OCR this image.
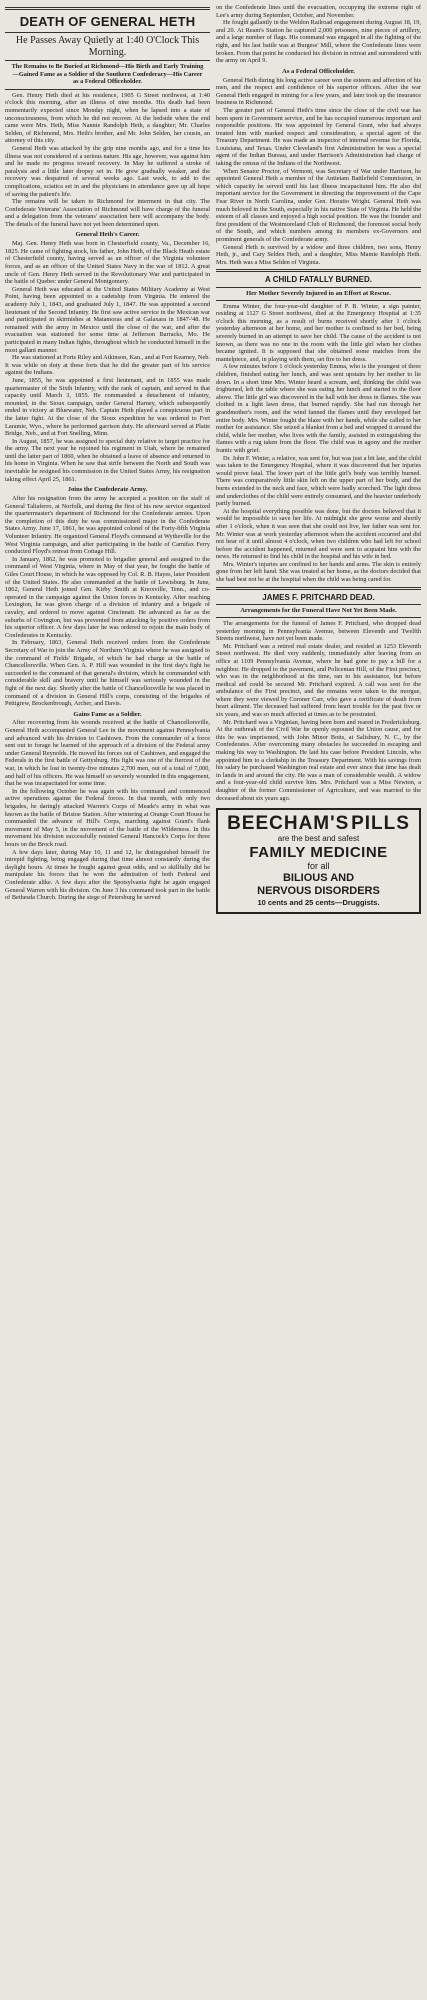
DEATH OF GENERAL HETH
He Passes Away Quietly at 1:40 O'Clock This Morning.
The Remains to Be Buried at Richmond—His Birth and Early Training—Gained Fame as a Soldier of the Southern Confederacy—His Career as a Federal Officeholder.

Gen. Henry Heth died at his residence, 1905 G Street northwest, at 1:40 o'clock this morning, after an illness of nine months. His death had been momentarily expected since Monday night, when he lapsed into a state of unconsciousness, from which he did not recover. At the bedside when the end came were Mrs. Heth, Miss Nannie Randolph Heth, a daughter; Mr. Charles Selden, of Richmond, Mrs. Heth's brother, and Mr. John Selden, her cousin, an attorney of this city.

General Heth was attacked by the grip nine months ago, and for a time his illness was not considered of a serious nature. His age, however, was against him and he made no progress toward recovery. In May he suffered a stroke of paralysis and a little later dropsy set in. He grew gradually weaker, and the recovery was despaired of several weeks ago. Last week, to add to the complications, sciatica set in and the physicians in attendance gave up all hope of saving the patient's life.

The remains will be taken to Richmond for interment in that city. The Confederate Veterans' Association of Richmond will have charge of the funeral and a delegation from the veterans' association here will accompany the body. The details of the funeral have not yet been determined upon.

General Heth's Career.

Maj. Gen. Henry Heth was born in Chesterfield county, Va., December 16, 1825. He came of fighting stock, his father, John Heth, of the Black Heath estate of Chesterfield county, having served as an officer of the Virginia volunteer forces, and as an officer of the United States Navy in the war of 1812. A great uncle of Gen. Henry Heth served in the Revolutionary War and participated in the battle of Quebec under General Montgomery.

General Heth was educated at the United States Military Academy at West Point, having been appointed to a cadetship from Virginia. He entered the academy July 1, 1843, and graduated July 1, 1847. He was appointed a second lieutenant of the Second Infantry. He first saw active service in the Mexican war and participated in skirmishes at Matamoras and at Galaxara in 1847-'48. He remained with the army in Mexico until the close of the war, and after the evacuation was stationed for some time at Jefferson Barracks, Mo. He participated in many Indian fights, throughout which he conducted himself in the most gallant manner.

He was stationed at Forts Riley and Atkinson, Kan., and at Fort Kearney, Neb. It was while on duty at these forts that he did the greater part of his service against the Indians.

June, 1855, he was appointed a first lieutenant, and in 1855 was made quartermaster of the Sixth Infantry, with the rank of captain, and served in that capacity until March 3, 1855. He commanded a detachment of infantry, mounted, in the Sioux campaign, under General Harney, which subsequently ended in victory at Bluewater, Neb. Captain Heth played a conspicuous part in the latter fight. At the close of the Sioux expedition he was ordered to Fort Laramie, Wyo., where he performed garrison duty. He afterward served at Platte Bridge, Neb., and at Fort Snelling, Minn.

In August, 1857, he was assigned to special duty relative to target practice for the army. The next year he rejoined his regiment in Utah, where he remained until the latter part of 1860, when he obtained a leave of absence and returned to his home in Virginia. When he saw that strife between the North and South was inevitable he resigned his commission in the United States Army, his resignation taking effect April 25, 1861.

Joins the Confederate Army.

After his resignation from the army he accepted a position on the staff of General Taliaferro, at Norfolk, and during the first of his new service organized the quartermaster's department of Richmond for the Confederate armies. Upon the completion of this duty he was commissioned major in the Confederate States Army. June 17, 1861, he was appointed colonel of the Forty-fifth Virginia Volunteer Infantry. He organized General Floyd's command at Wytheville for the West Virginia campaign, and after participating in the battle of Carnifax Ferry conducted Floyd's retreat from Cottage Hill.

In January, 1862, he was promoted to brigadier general and assigned to the command of West Virginia, where in May of that year, he fought the battle of Giles Court House, in which he was opposed by Col. R. B. Hayes, later President of the United States. He also commanded at the battle of Lewisburg. In June, 1862, General Heth joined Gen. Kirby Smith at Knoxville, Tenn., and co-operated in the campaign against the Union forces in Kentucky. After reaching Lexington, he was given charge of a division of infantry and a brigade of cavalry, and ordered to move against Cincinnati. He advanced as far as the suburbs of Covington, but was prevented from attacking by positive orders from his superior officer. A few days later he was ordered to rejoin the main body of Confederates in Kentucky.

In February, 1863, General Heth received orders from the Confederate Secretary of War to join the Army of Northern Virginia where he was assigned to the command of Fields' Brigade, of which he had charge at the battle of Chancellorsville. When Gen. A. P. Hill was wounded in the first day's fight he succeeded to the command of that general's division, which he commanded with considerable skill and bravery until he himself was seriously wounded in the fight of the next day. Shortly after the battle of Chancellorsville he was placed in command of a division in General Hill's corps, consisting of the brigades of Pettigrew, Brockenbrough, Archer, and Davis.

Gains Fame as a Soldier.

After recovering from his wounds received at the battle of Chancellorsville, General Heth accompanied General Lee in the movement against Pennsylvania and advanced with his division to Cashtown. From the commander of a force sent out to forage he learned of the approach of a division of the Federal army under General Reynolds. He moved his forces out of Cashtown, and engaged the Federals in the first battle of Gettysburg. His fight was one of the fiercest of the war, in which he lost in twenty-five minutes 2,700 men, out of a total of 7,000, and half of his officers. He was himself so severely wounded in this engagement, that he was incapacitated for some time.

In the following October he was again with his command and commenced active operations against the Federal forces. In that month, with only two brigades, he daringly attacked Warren's Corps of Meade's army in what was known as the battle of Bristoe Station. After wintering at Orange Court House he commanded the advance of Hill's Corps, marching against Grant's flank movement of May 5, in the movement of the battle of the Wilderness. In this movement his division successfully resisted General Hancock's Corps for three hours on the Brock road.

A few days later, during May 10, 11 and 12, he distinguished himself for intrepid fighting, being engaged during that time almost constantly during the daylight hours. At times he fought against great odds, and so skillfully did he manipulate his forces that he won the admiration of both Federal and Confederate alike. A few days after the Spotsylvania fight he again engaged General Warren with his division. On June 3 his command took part in the battle of Bethesda Church. During the siege of Petersburg he served

on the Confederate lines until the evacuation, occupying the extreme right of Lee's army during September, October, and November.

He fought gallantly in the Weldon Railroad engagement during August 18, 19, and 20. At Ream's Station he captured 2,000 prisoners, nine pieces of artillery, and a large number of flags. His command was engaged in all the fighting of the right, and his last battle was at Burgess' Mill, where the Confederate lines were broken. From that point he conducted his division in retreat and surrendered with the army on April 9.

As a Federal Officeholder.

General Heth during his long active career won the esteem and affection of his men, and the respect and confidence of his superior officers. After the war General Heth engaged in mining for a few years, and later took up the insurance business in Richmond.

The greater part of General Heth's time since the close of the civil war has been spent in Government service, and he has occupied numerous important and responsible positions. He was appointed by General Grant, who had always treated him with marked respect and consideration, a special agent of the Treasury Department. He was made an inspector of internal revenue for Florida, Louisiana, and Texas. Under Cleveland's first Administration he was a special agent of the Indian Bureau, and under Harrison's Administration had charge of taking the census of the Indians of the Northwest.

When Senator Proctor, of Vermont, was Secretary of War under Harrison, he appointed General Heth a member of the Antietam Battlefield Commission, in which capacity he served until his last illness incapacitated him. He also did important service for the Government in directing the improvement of the Cape Fear River in North Carolina, under Gen. Horatio Wright. General Heth was much beloved in the South, especially in his native State of Virginia. He held the esteem of all classes and enjoyed a high social position. He was the founder and first president of the Westmoreland Club of Richmond, the foremost social body of the South, and which numbers among its members ex-Governors and prominent generals of the Confederate army.

General Heth is survived by a widow and three children, two sons, Henry Heth, jr., and Cary Selden Heth, and a daughter, Miss Mamie Randolph Heth. Mrs. Heth was a Miss Selden of Virginia.

A CHILD FATALLY BURNED.
Her Mother Severely Injured in an Effort at Rescue.

Emma Winter, the four-year-old daughter of P. B. Winter, a sign painter, residing at 1127 G Street northwest, died at the Emergency Hospital at 1:35 o'clock this morning, as a result of burns received shortly after 1 o'clock yesterday afternoon at her home, and her mother is confined to her bed, being severely burned in an attempt to save her child. The cause of the accident is not known, as there was no one in the room with the little girl when her clothes became ignited. It is supposed that she obtained some matches from the mantelpiece, and, in playing with them, set fire to her dress.

A few minutes before 1 o'clock yesterday Emma, who is the youngest of three children, finished eating her lunch, and was sent upstairs by her mother to lie down. In a short time Mrs. Winter heard a scream, and, thinking the child was frightened, left the table where she was eating her lunch and started to the floor above. The little girl was discovered in the hall with her dress in flames. She was clothed in a light lawn dress, that burned rapidly. She had run through her grandmother's room, and the wind fanned the flames until they enveloped her entire body. Mrs. Winter fought the blaze with her hands, while she called to her mother for assistance. She seized a blanket from a bed and wrapped it around the child, while her mother, who lives with the family, assisted in extinguishing the flames with a rug taken from the floor. The child was in agony and the mother frantic with grief.

Dr. John F. Winter, a relative, was sent for, but was just a bit late, and the child was taken to the Emergency Hospital, where it was discovered that her injuries would prove fatal. The lower part of the little girl's body was terribly burned. There was comparatively little skin left on the upper part of her body, and the burns extended to the neck and face, which were badly scorched. The light dress and underclothes of the child were entirely consumed, and the heavier underbody partly burned.

At the hospital everything possible was done, but the doctors believed that it would be impossible to save her life. At midnight she grew worse and shortly after 1 o'clock, when it was seen that she could not live, her father was sent for. Mr. Winter was at work yesterday afternoon when the accident occurred and did not hear of it until almost 4 o'clock, when two children who had left for school before the accident happened, returned and were sent to acquaint him with the news. He returned to find his child in the hospital and his wife in bed.

Mrs. Winter's injuries are confined to her hands and arms. The skin is entirely gone from her left hand. She was treated at her home, as the doctors decided that she had best not be at the hospital when the child was being cared for.

JAMES F. PRITCHARD DEAD.
Arrangements for the Funeral Have Not Yet Been Made.

The arrangements for the funeral of James F. Pritchard, who dropped dead yesterday morning in Pennsylvania Avenue, between Eleventh and Twelfth Streets northwest, have not yet been made.

Mr. Pritchard was a retired real estate dealer, and resided at 1253 Eleventh Street northwest. He died very suddenly, immediately after leaving from an office at 1109 Pennsylvania Avenue, where he had gone to pay a bill for a neighbor. He dropped to the pavement, and Policeman Hill, of the First precinct, who was in the neighborhood at the time, ran to his assistance, but before medical aid could be secured Mr. Pritchard expired. A call was sent for the ambulance of the First precinct, and the remains were taken to the morgue, where they were viewed by Coroner Carr, who gave a certificate of death from heart ailment. The deceased had suffered from heart trouble for the past five or six years, and was so much affected at times as to be prostrated.

Mr. Pritchard was a Virginian, having been born and reared in Fredericksburg. At the outbreak of the Civil War he openly espoused the Union cause, and for this he was imprisoned, with John Minor Botts, at Salisbury, N. C., by the Confederates. After overcoming many obstacles he succeeded in escaping and making his way to Washington. He laid his case before President Lincoln, who appointed him to a clerkship in the Treasury Department. With his savings from his salary he purchased Washington real estate and ever since that time has dealt in lands in and around the city. He was a man of considerable wealth. A widow and a four-year-old child survive him. Mrs. Pritchard was a Miss Newton, a daughter of the former Commissioner of Agriculture, and was married to the deceased about six years ago.

BEECHAM'S PILLS
are the best and safest
FAMILY MEDICINE
for all
BILIOUS AND
NERVOUS DISORDERS
10 cents and 25 cents—Druggists.
